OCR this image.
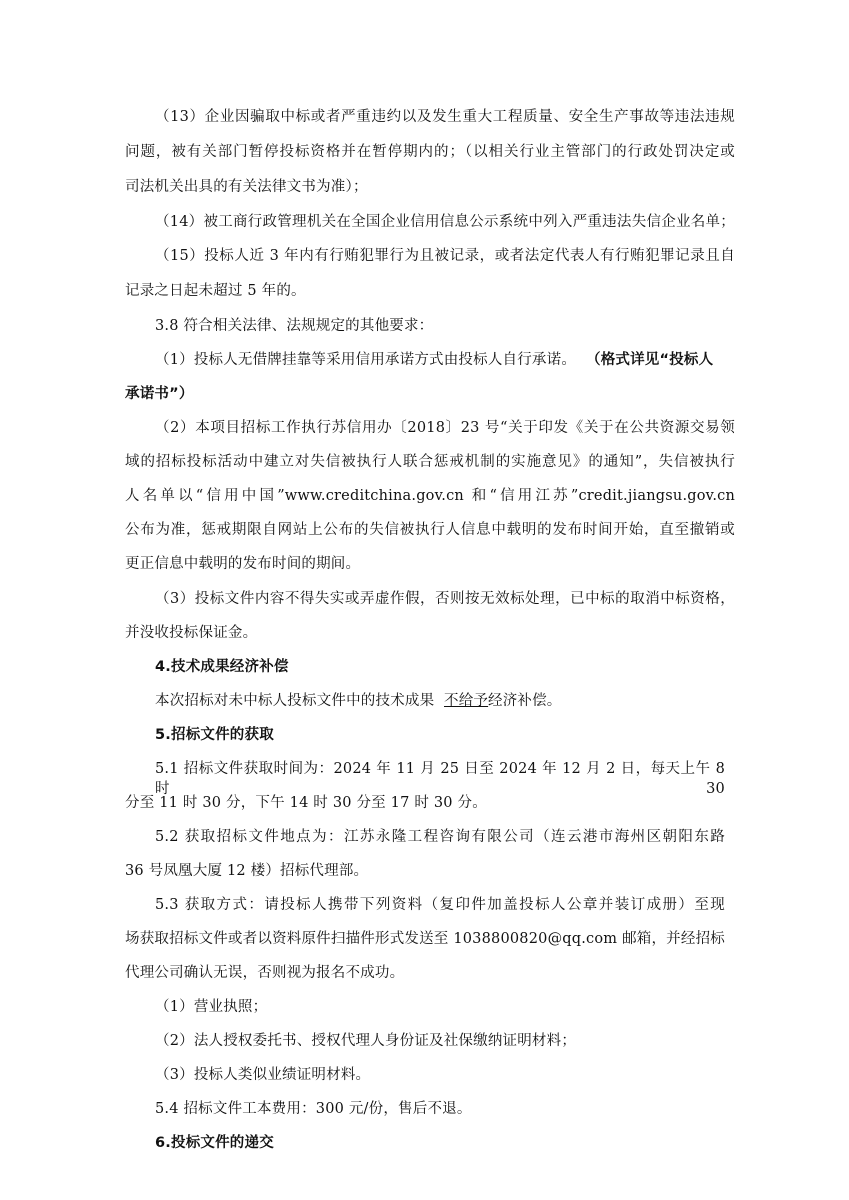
（13）企业因骗取中标或者严重违约以及发生重大工程质量、安全生产事故等违法违规
问题，被有关部门暂停投标资格并在暂停期内的；（以相关行业主管部门的行政处罚决定或
司法机关出具的有关法律文书为准）；
（14）被工商行政管理机关在全国企业信用信息公示系统中列入严重违法失信企业名单；
（15）投标人近 3 年内有行贿犯罪行为且被记录，或者法定代表人有行贿犯罪记录且自
记录之日起未超过 5 年的。
3.8 符合相关法律、法规规定的其他要求：
（1）投标人无借牌挂靠等采用信用承诺方式由投标人自行承诺。 （格式详见“投标人
承诺书”）
（2）本项目招标工作执行苏信用办〔2018〕23 号“关于印发《关于在公共资源交易领
域的招标投标活动中建立对失信被执行人联合惩戒机制的实施意见》的通知”，失信被执行
人名单以“信用中国”www.creditchina.gov.cn 和“信用江苏”credit.jiangsu.gov.cn
公布为准，惩戒期限自网站上公布的失信被执行人信息中载明的发布时间开始，直至撤销或
更正信息中载明的发布时间的期间。
（3）投标文件内容不得失实或弄虚作假，否则按无效标处理，已中标的取消中标资格，
并没收投标保证金。
4.技术成果经济补偿
本次招标对未中标人投标文件中的技术成果 不给予 经济补偿。
5.招标文件的获取
5.1 招标文件获取时间为：2024 年 11 月 25 日至 2024 年 12 月 2 日，每天上午 8 时 30
分至 11 时 30 分，下午 14 时 30 分至 17 时 30 分。
5.2 获取招标文件地点为：江苏永隆工程咨询有限公司（连云港市海州区朝阳东路
36 号凤凰大厦 12 楼）招标代理部。
5.3 获取方式：请投标人携带下列资料（复印件加盖投标人公章并装订成册）至现
场获取招标文件或者以资料原件扫描件形式发送至 1038800820@qq.com 邮箱，并经招标
代理公司确认无误，否则视为报名不成功。
（1）营业执照；
（2）法人授权委托书、授权代理人身份证及社保缴纳证明材料；
（3）投标人类似业绩证明材料。
5.4 招标文件工本费用：300 元/份，售后不退。
6.投标文件的递交
